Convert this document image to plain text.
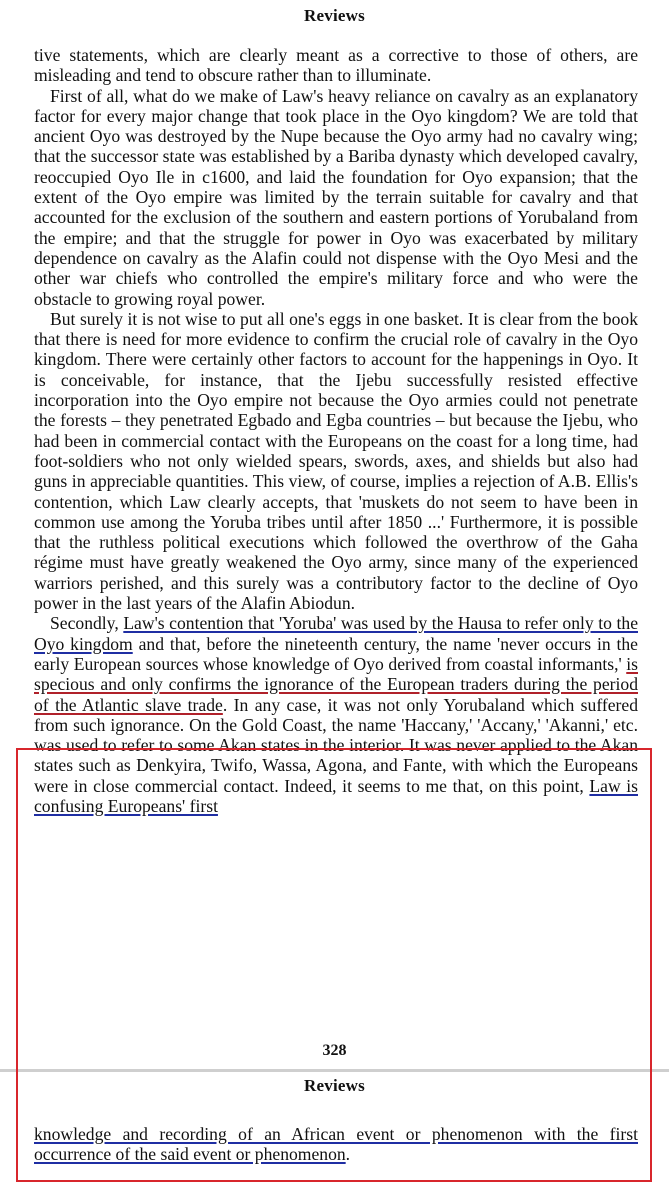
Reviews

tive statements, which are clearly meant as a corrective to those of others, are misleading and tend to obscure rather than to illuminate.

First of all, what do we make of Law's heavy reliance on cavalry as an explanatory factor for every major change that took place in the Oyo kingdom? We are told that ancient Oyo was destroyed by the Nupe because the Oyo army had no cavalry wing; that the successor state was established by a Bariba dynasty which developed cavalry, reoccupied Oyo Ile in c1600, and laid the foundation for Oyo expansion; that the extent of the Oyo empire was limited by the terrain suitable for cavalry and that accounted for the exclusion of the southern and eastern portions of Yorubaland from the empire; and that the struggle for power in Oyo was exacerbated by military dependence on cavalry as the Alafin could not dispense with the Oyo Mesi and the other war chiefs who controlled the empire's military force and who were the obstacle to growing royal power.

But surely it is not wise to put all one's eggs in one basket. It is clear from the book that there is need for more evidence to confirm the crucial role of cavalry in the Oyo kingdom. There were certainly other factors to account for the happenings in Oyo. It is conceivable, for instance, that the Ijebu successfully resisted effective incorporation into the Oyo empire not because the Oyo armies could not penetrate the forests – they penetrated Egbado and Egba countries – but because the Ijebu, who had been in commercial contact with the Europeans on the coast for a long time, had foot-soldiers who not only wielded spears, swords, axes, and shields but also had guns in appreciable quantities. This view, of course, implies a rejection of A.B. Ellis's contention, which Law clearly accepts, that 'muskets do not seem to have been in common use among the Yoruba tribes until after 1850 ...' Furthermore, it is possible that the ruthless political executions which followed the overthrow of the Gaha régime must have greatly weakened the Oyo army, since many of the experienced warriors perished, and this surely was a contributory factor to the decline of Oyo power in the last years of the Alafin Abiodun.

Secondly, Law's contention that 'Yoruba' was used by the Hausa to refer only to the Oyo kingdom and that, before the nineteenth century, the name 'never occurs in the early European sources whose knowledge of Oyo derived from coastal informants,' is specious and only confirms the ignorance of the European traders during the period of the Atlantic slave trade. In any case, it was not only Yorubaland which suffered from such ignorance. On the Gold Coast, the name 'Haccany,' 'Accany,' 'Akanni,' etc. was used to refer to some Akan states in the interior. It was never applied to the Akan states such as Denkyira, Twifo, Wassa, Agona, and Fante, with which the Europeans were in close commercial contact. Indeed, it seems to me that, on this point, Law is confusing Europeans' first

328
Reviews

knowledge and recording of an African event or phenomenon with the first occurrence of the said event or phenomenon.
